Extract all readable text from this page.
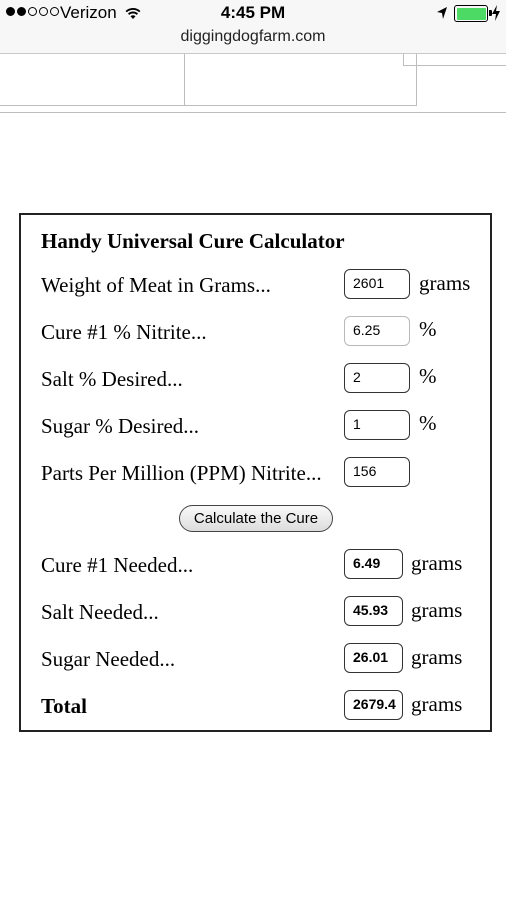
Verizon	4:45 PM
diggingdogfarm.com
Handy Universal Cure Calculator
Weight of Meat in Grams...	2601	grams
Cure #1 % Nitrite...	6.25	%
Salt % Desired...	2	%
Sugar % Desired...	1	%
Parts Per Million (PPM) Nitrite...	156
Calculate the Cure
Cure #1 Needed...	6.49	grams
Salt Needed...	45.93	grams
Sugar Needed...	26.01	grams
Total	2679.4 grams
